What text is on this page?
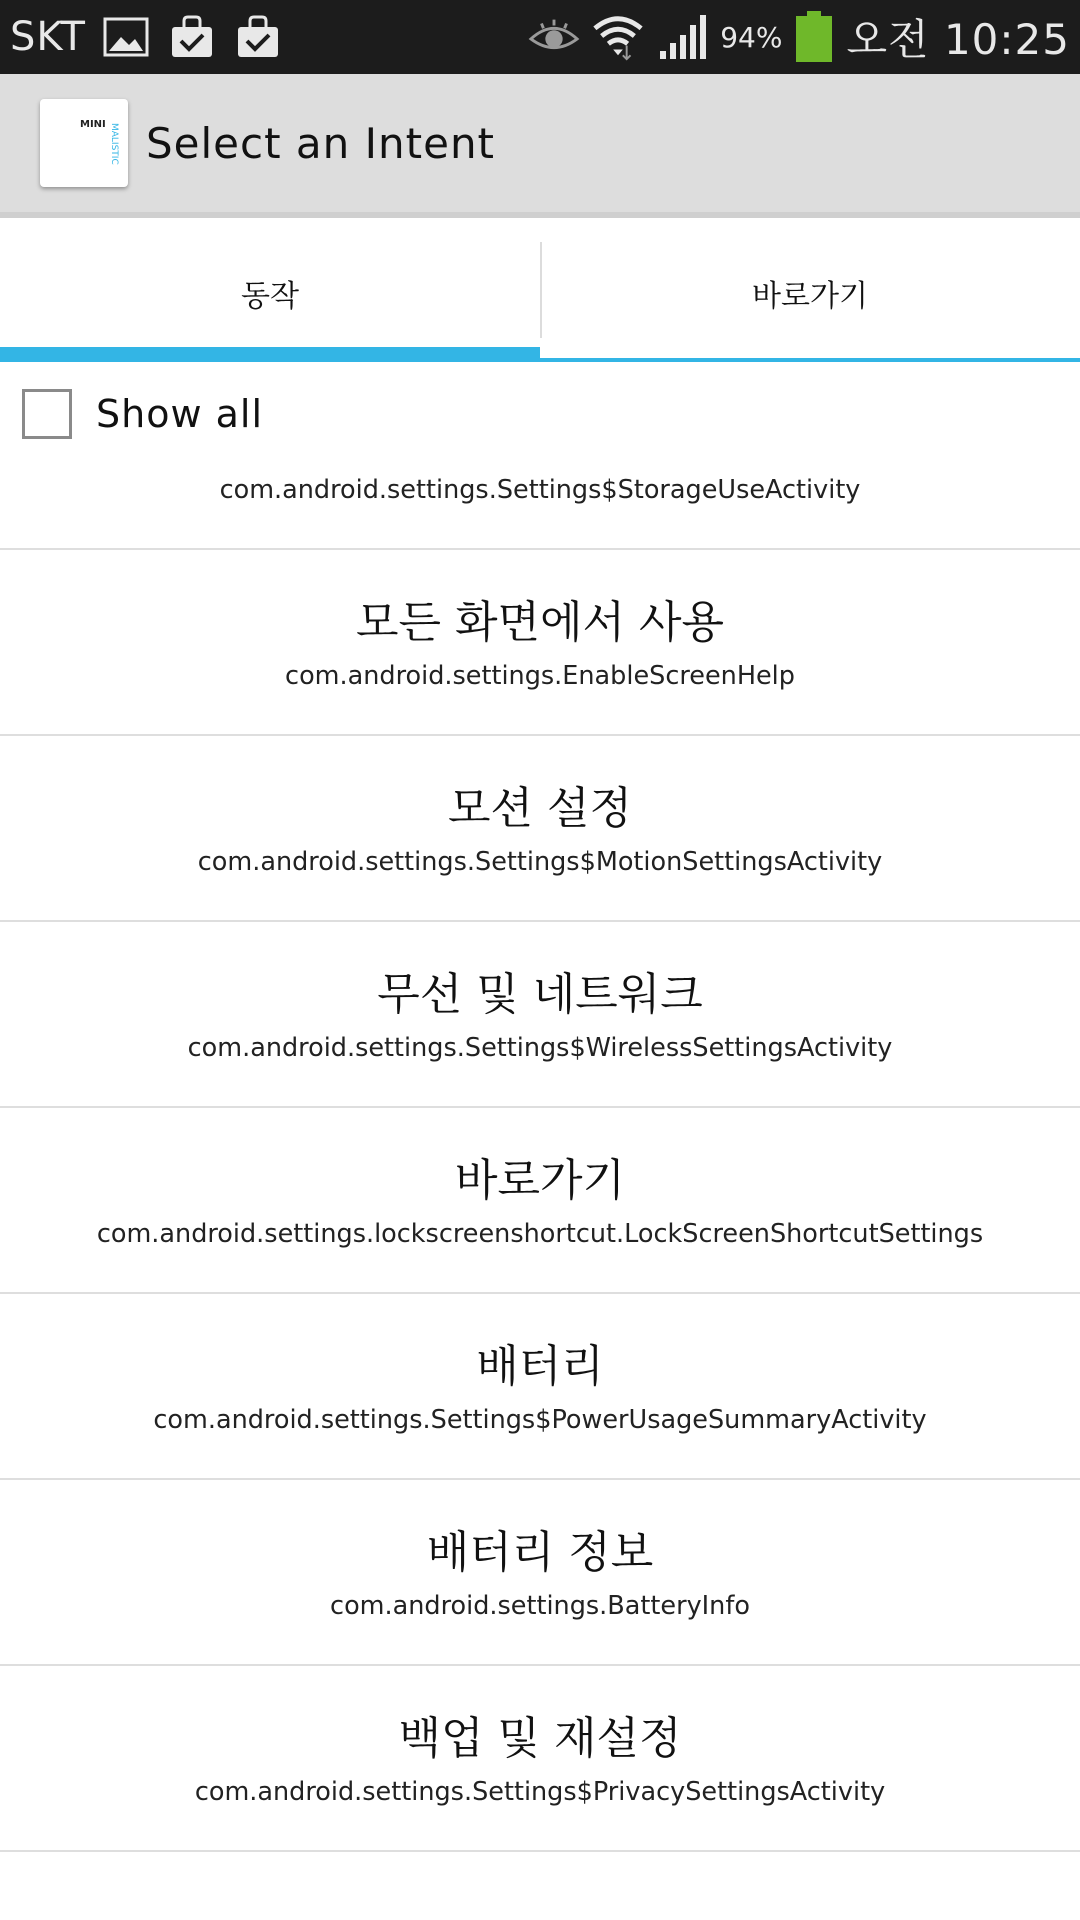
SKT	94% 오전 10:25
MINI MALISTIC Select an Intent
동작	바로가기
Show all
com.android.settings.Settings$StorageUseActivity
모든 화면에서 사용
com.android.settings.EnableScreenHelp
모션 설정
com.android.settings.Settings$MotionSettingsActivity
무선 및 네트워크
com.android.settings.Settings$WirelessSettingsActivity
바로가기
com.android.settings.lockscreenshortcut.LockScreenShortcutSettings
배터리
com.android.settings.Settings$PowerUsageSummaryActivity
배터리 정보
com.android.settings.BatteryInfo
백업 및 재설정
com.android.settings.Settings$PrivacySettingsActivity
